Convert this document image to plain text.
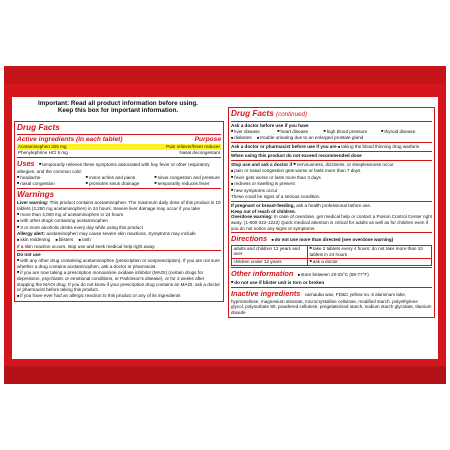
Important: Read all product information before using.
Keep this box for important information.
Drug Facts
Active ingredients (in each tablet)	Purpose
Acetaminophen 325 mg	Pain reliever/fever reducer
Phenylephrine HCl 5 mg	Nasal decongestant

Uses ■ temporarily relieves these symptoms associated with hay fever or other respiratory allergies, and the common cold:

■ headache	■ minor aches and pains	■ sinus congestion and pressure
■ nasal congestion	■ promotes sinus drainage	■ temporarily reduces fever
Warnings

Liver warning: This product contains acetaminophen. The maximum daily dose of this product is 10 tablets (3,250 mg acetaminophen) in 24 hours. Severe liver damage may occur if you take

■ more than 4,000 mg of acetaminophen in 24 hours

■ with other drugs containing acetaminophen

■ 3 or more alcoholic drinks every day while using this product

Allergy alert: acetaminophen may cause severe skin reactions. Symptoms may include

■ skin reddening ■ blisters ■ rash

If a skin reaction occurs, stop use and seek medical help right away.

Do not use

■ with any other drug containing acetaminophen (prescription or nonprescription). If you are not sure whether a drug contains acetaminophen, ask a doctor or pharmacist.

■ if you are now taking a prescription monoamine oxidase inhibitor (MAOI) (certain drugs for depression, psychiatric or emotional conditions, or Parkinson's disease), or for 2 weeks after stopping the MAOI drug. If you do not know if your prescription drug contains an MAOI, ask a doctor or pharmacist before taking this product.

■ if you have ever had an allergic reaction to this product or any of its ingredients

Drug Facts (continued)

Ask a doctor before use if you have

■ liver disease	■ heart disease	■ high blood pressure	■ thyroid disease

■ diabetes ■ trouble urinating due to an enlarged prostate gland

Ask a doctor or pharmacist before use if you are ■ taking the blood thinning drug warfarin

When using this product do not exceed recommended dose

Stop use and ask a doctor if ■ nervousness, dizziness, or sleeplessness occur

■ pain or nasal congestion gets worse or lasts more than 7 days

■ fever gets worse or lasts more than 3 days

■ redness or swelling is present

■ new symptoms occur

These could be signs of a serious condition.

If pregnant or breast-feeding, ask a health professional before use.

Keep out of reach of children.

Overdose warning: In case of overdose, get medical help or contact a Poison Control Center right away. (1-800-222-1222) Quick medical attention is critical for adults as well as for children even if you do not notice any signs or symptoms.

Directions ■ do not use more than directed (see overdose warning)

adults and children 12 years and over	■ take 2 tablets every 4 hours; do not take more than 10 tablets in 24 hours
children under 12 years	■ ask a doctor

Other information ■ store between 20-25°C (68-77°F)

■ do not use if blister unit is torn or broken

Inactive ingredients carnauba wax, FD&C yellow no. 6 aluminum lake, hypromellose, magnesium stearate, microcrystalline cellulose, modified starch, polyethylene glycol, polysorbate 80, powdered cellulose, pregelatinized starch, sodium starch glycolate, titanium dioxide
